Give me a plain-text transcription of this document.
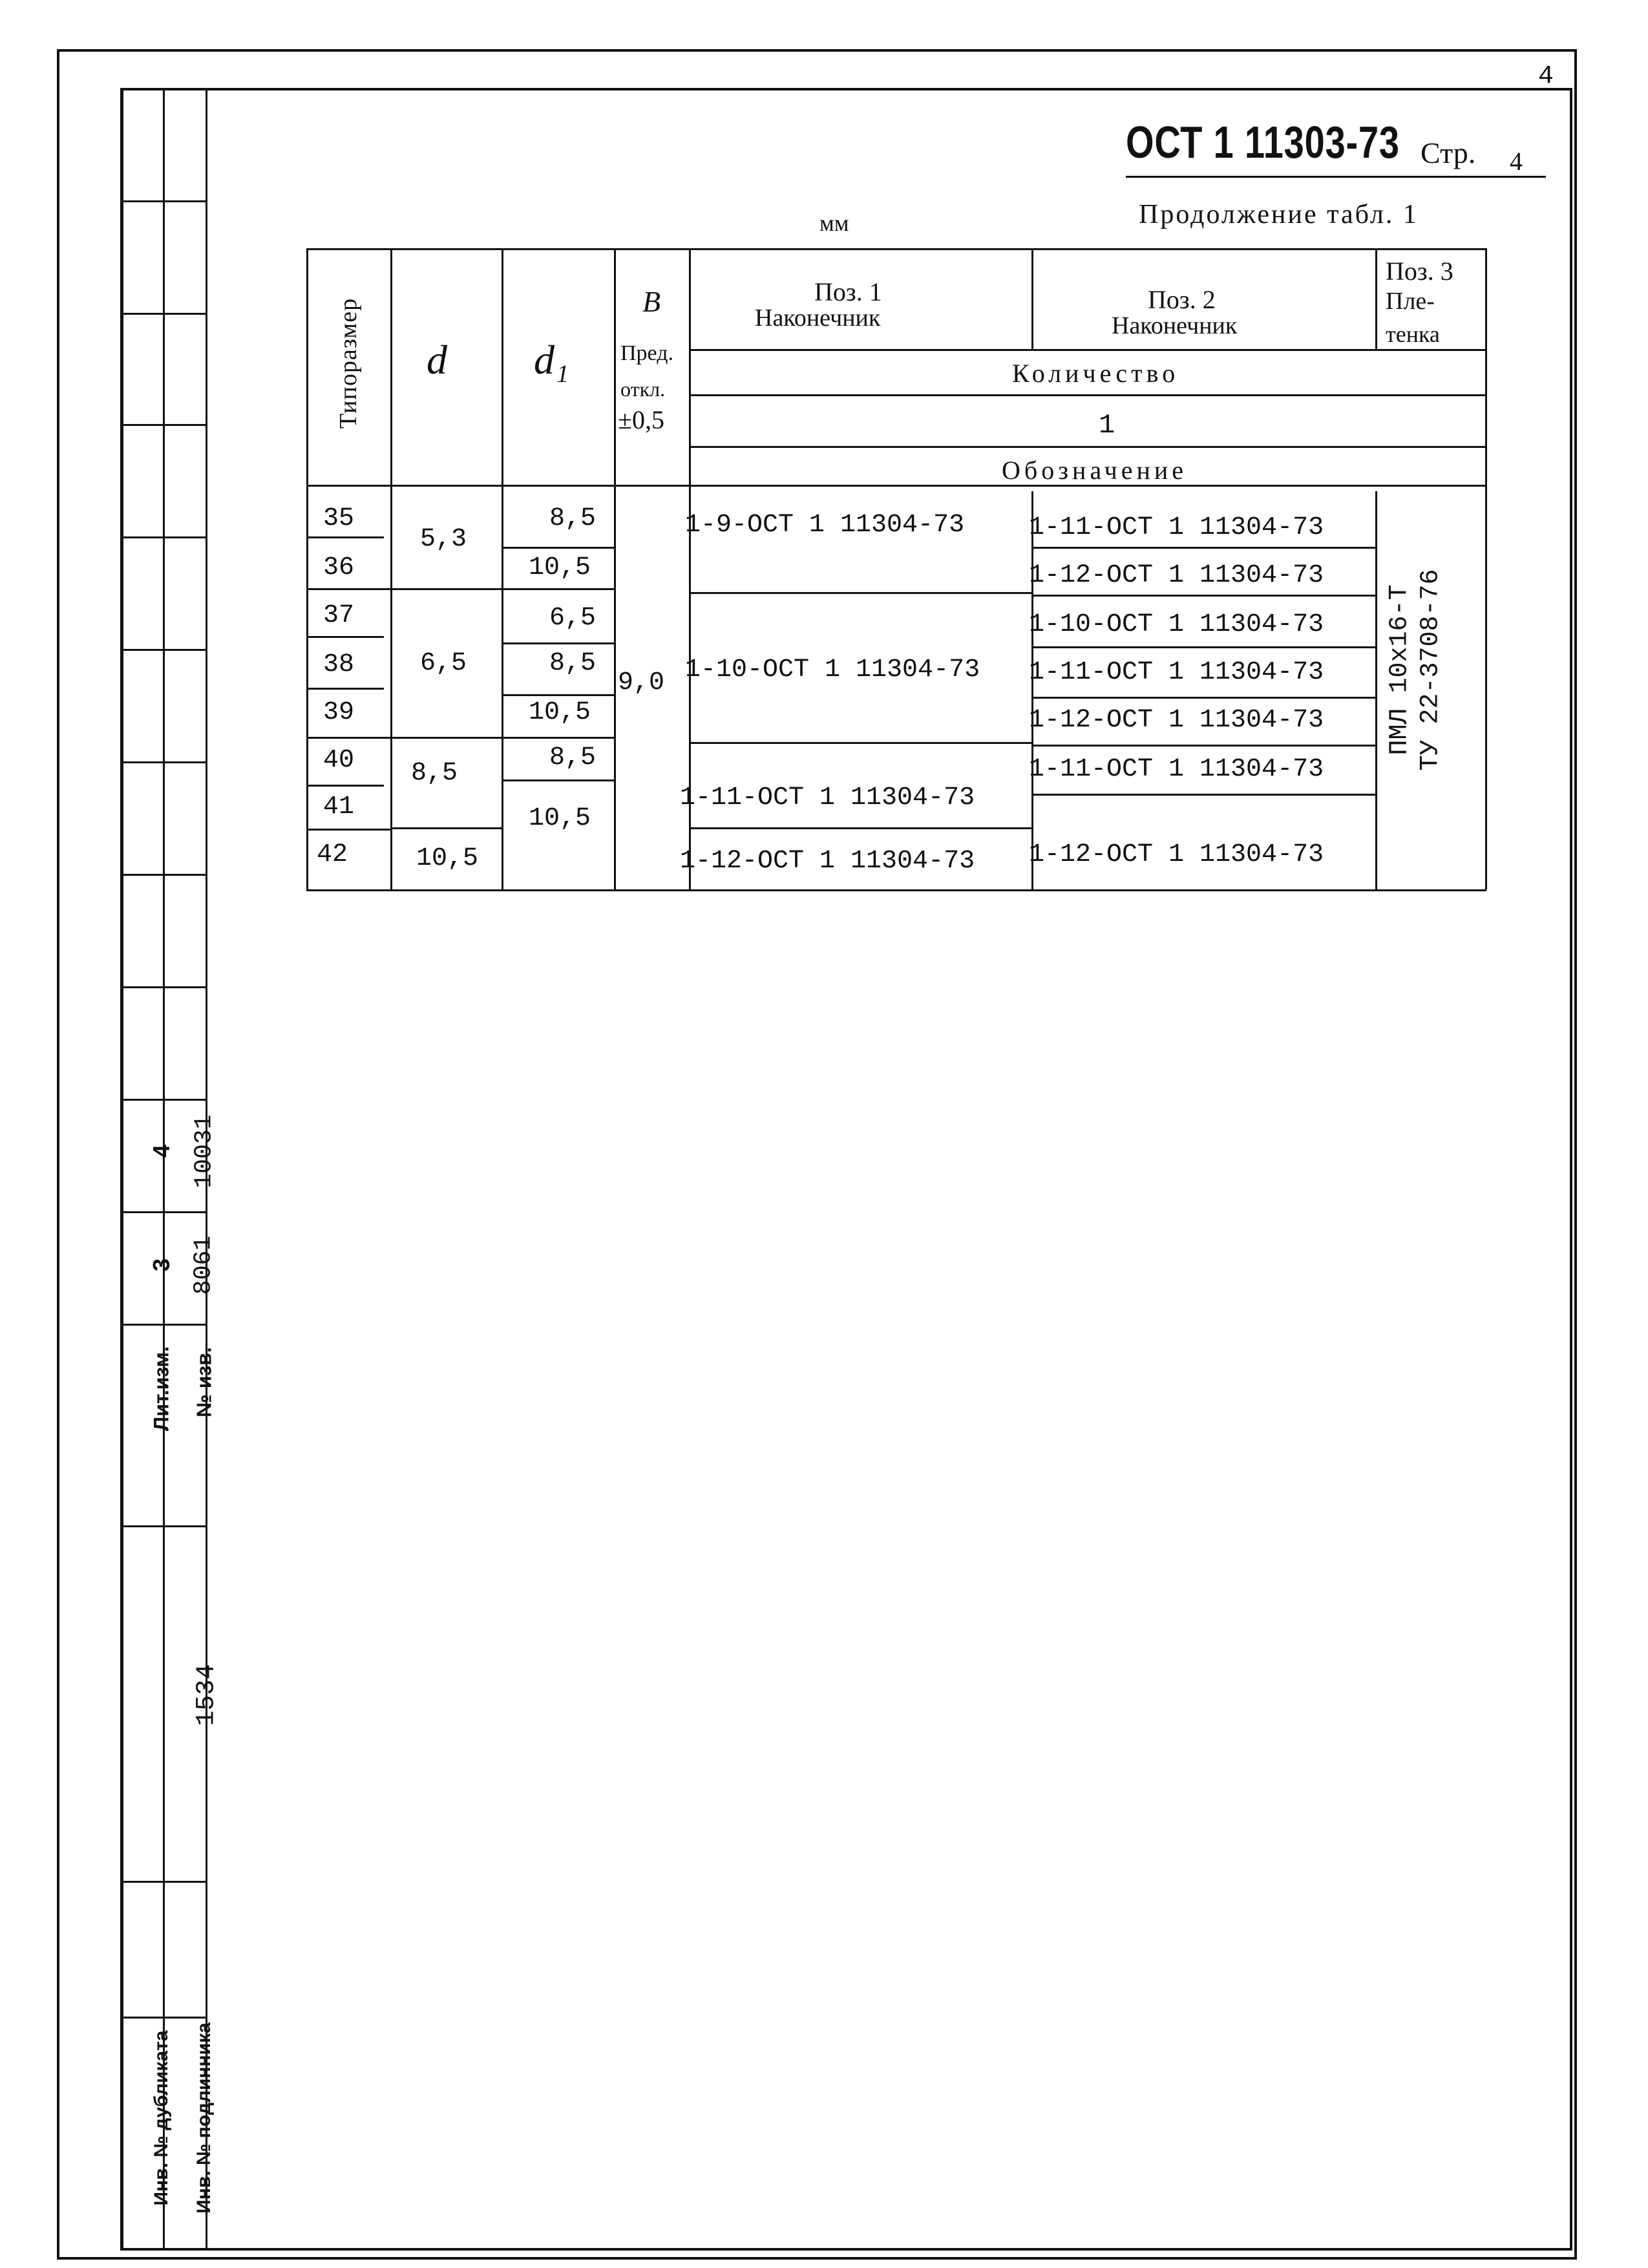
4
4 10031
3 8061
Лит.изм. № изв.
1534
Инв. № дубликата Инв. № подлинника
ОСТ 1 11303-73 Стр. 4
Продолжение табл. 1
мм
Типоразмер d d₁
B
Пред.
откл.
±0,5
Поз. 1
Наконечник
Поз. 2
Наконечник
Поз. 3
Пле-
тенка
Количество
1
Обозначение
35
36
37
38
39
40
41
42
5,3
6,5
8,5
10,5
8,5
10,5
6,5
8,5
10,5
8,5
10,5
9,0
1-9-ОСТ 1 11304-73
1-10-ОСТ 1 11304-73
1-11-ОСТ 1 11304-73
1-12-ОСТ 1 11304-73
1-11-ОСТ 1 11304-73
1-12-ОСТ 1 11304-73
1-10-ОСТ 1 11304-73
1-11-ОСТ 1 11304-73
1-12-ОСТ 1 11304-73
1-11-ОСТ 1 11304-73
1-12-ОСТ 1 11304-73
ПМЛ 10х16-Т ТУ 22-3708-76
